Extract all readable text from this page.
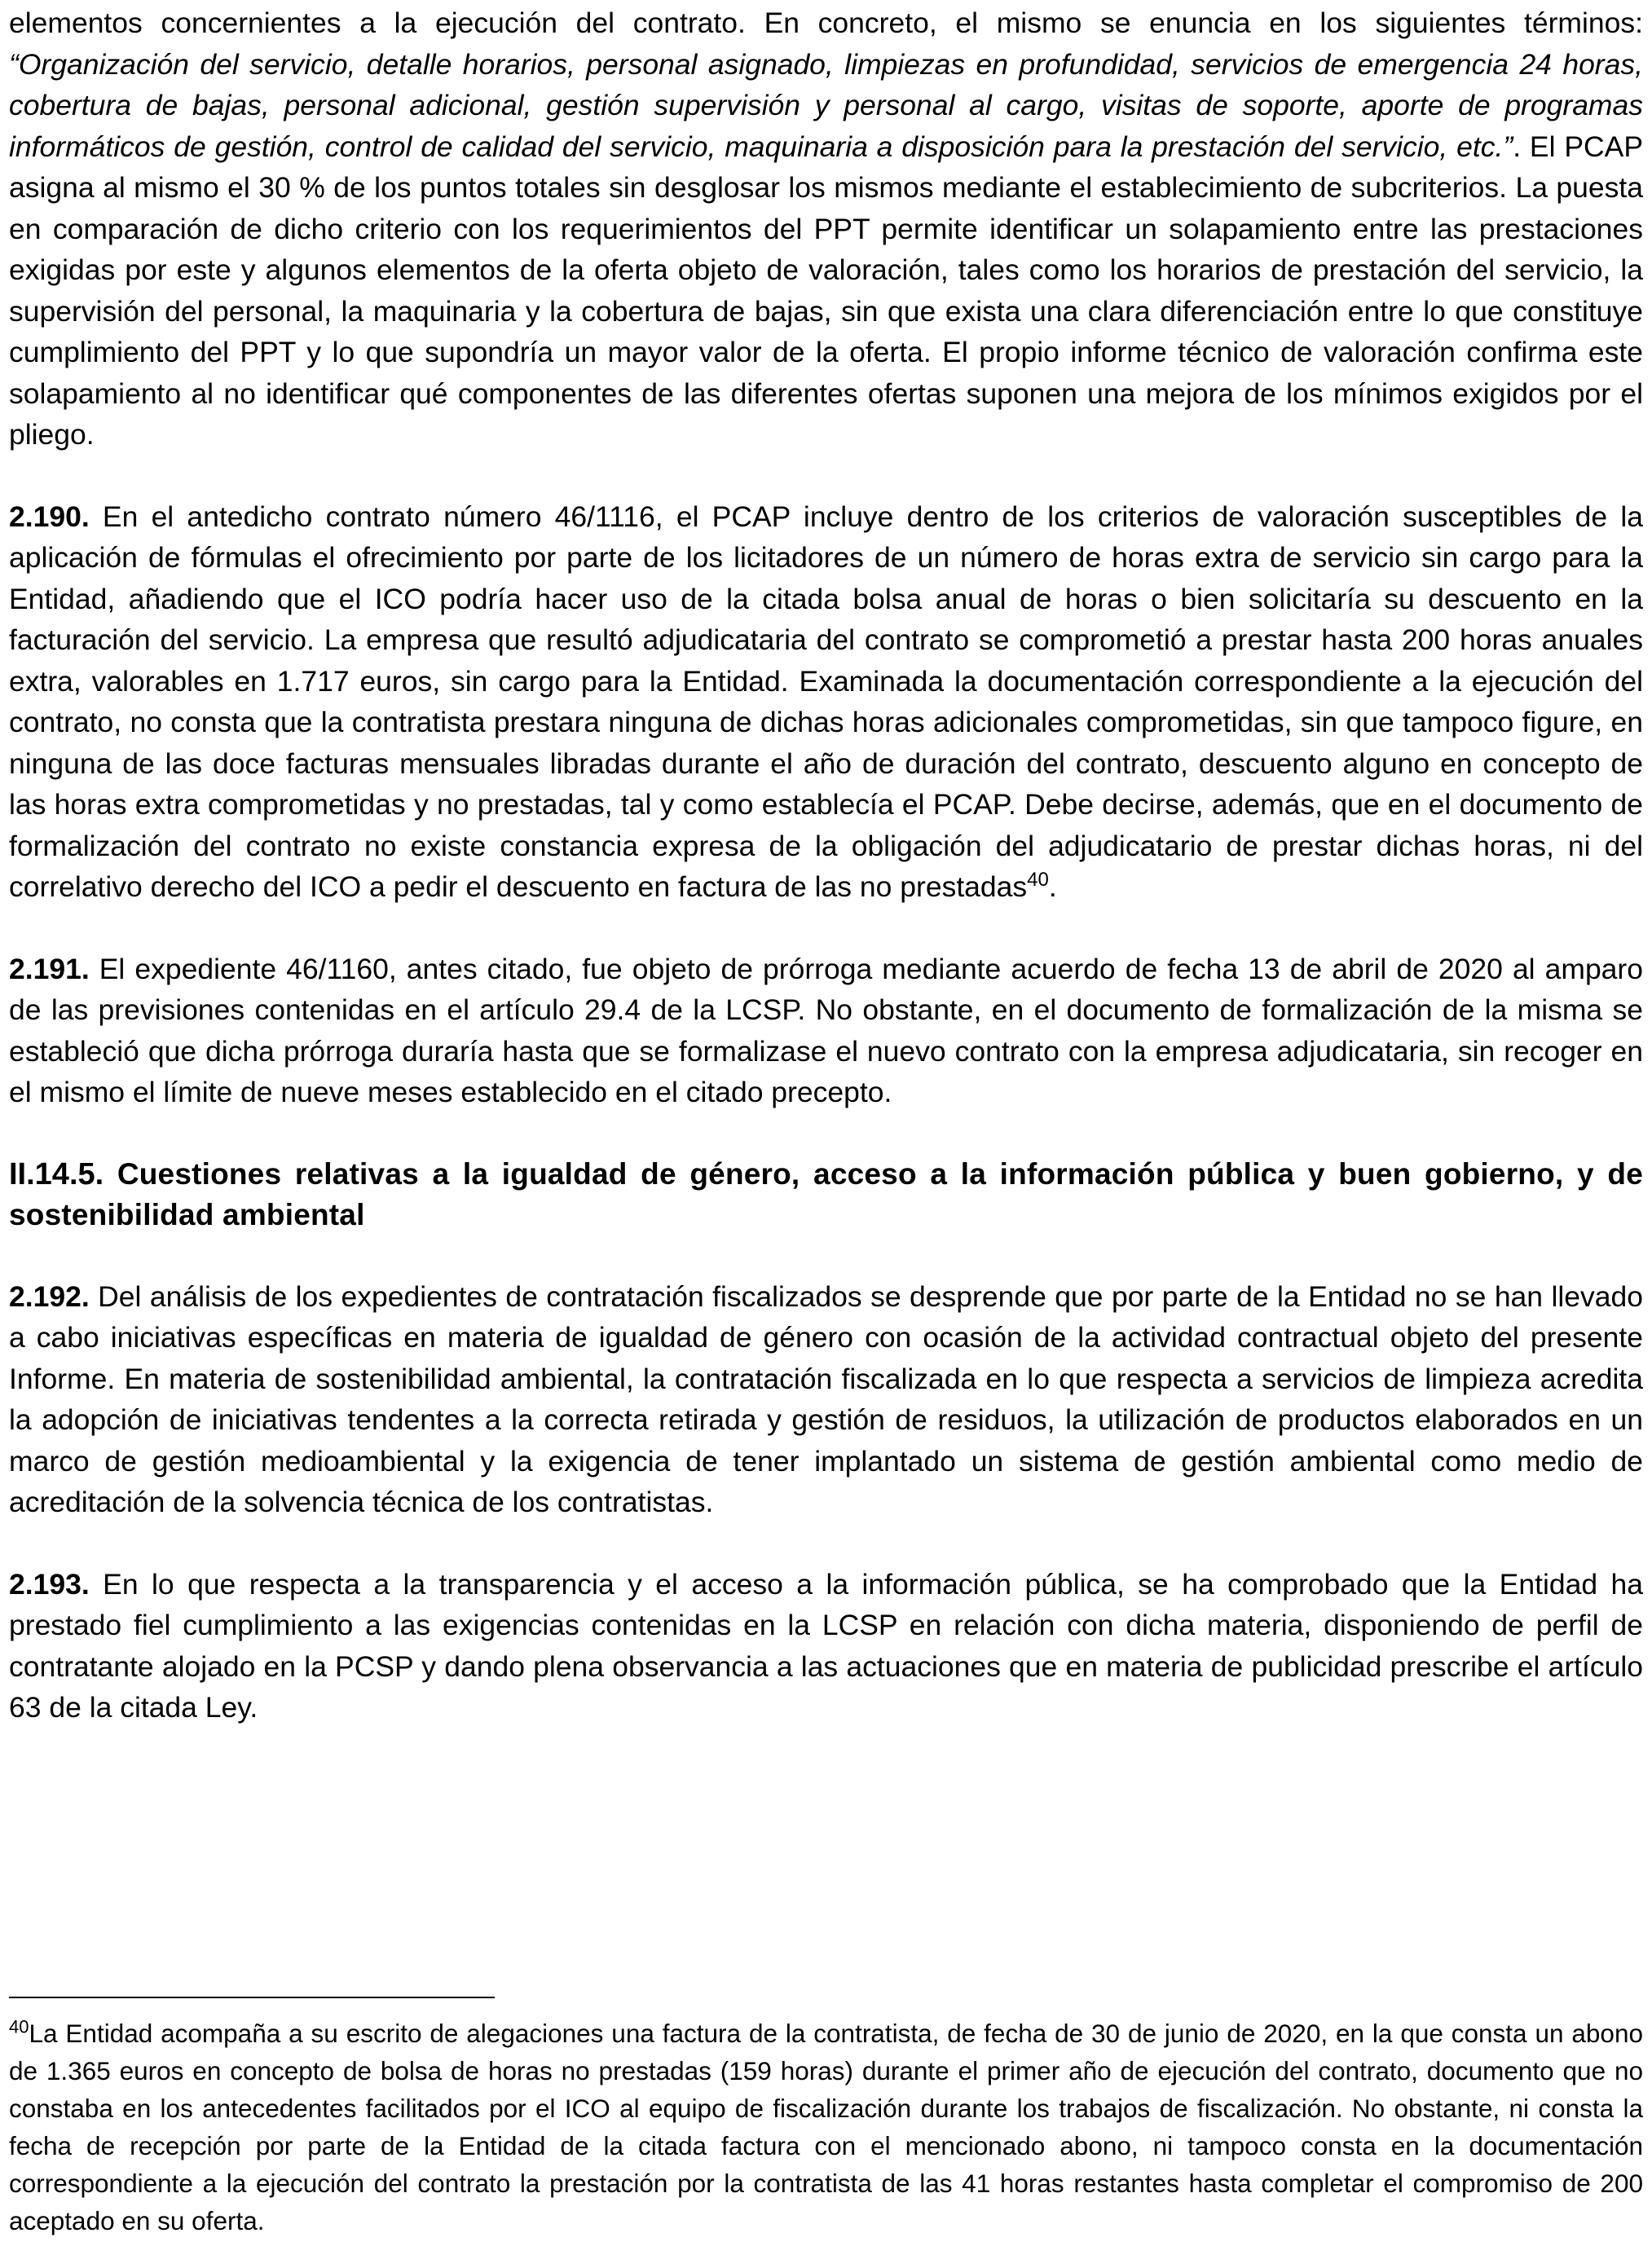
elementos concernientes a la ejecución del contrato. En concreto, el mismo se enuncia en los siguientes términos: “Organización del servicio, detalle horarios, personal asignado, limpiezas en profundidad, servicios de emergencia 24 horas, cobertura de bajas, personal adicional, gestión supervisión y personal al cargo, visitas de soporte, aporte de programas informáticos de gestión, control de calidad del servicio, maquinaria a disposición para la prestación del servicio, etc.”. El PCAP asigna al mismo el 30 % de los puntos totales sin desglosar los mismos mediante el establecimiento de subcriterios. La puesta en comparación de dicho criterio con los requerimientos del PPT permite identificar un solapamiento entre las prestaciones exigidas por este y algunos elementos de la oferta objeto de valoración, tales como los horarios de prestación del servicio, la supervisión del personal, la maquinaria y la cobertura de bajas, sin que exista una clara diferenciación entre lo que constituye cumplimiento del PPT y lo que supondría un mayor valor de la oferta. El propio informe técnico de valoración confirma este solapamiento al no identificar qué componentes de las diferentes ofertas suponen una mejora de los mínimos exigidos por el pliego.

2.190. En el antedicho contrato número 46/1116, el PCAP incluye dentro de los criterios de valoración susceptibles de la aplicación de fórmulas el ofrecimiento por parte de los licitadores de un número de horas extra de servicio sin cargo para la Entidad, añadiendo que el ICO podría hacer uso de la citada bolsa anual de horas o bien solicitaría su descuento en la facturación del servicio. La empresa que resultó adjudicataria del contrato se comprometió a prestar hasta 200 horas anuales extra, valorables en 1.717 euros, sin cargo para la Entidad. Examinada la documentación correspondiente a la ejecución del contrato, no consta que la contratista prestara ninguna de dichas horas adicionales comprometidas, sin que tampoco figure, en ninguna de las doce facturas mensuales libradas durante el año de duración del contrato, descuento alguno en concepto de las horas extra comprometidas y no prestadas, tal y como establecía el PCAP. Debe decirse, además, que en el documento de formalización del contrato no existe constancia expresa de la obligación del adjudicatario de prestar dichas horas, ni del correlativo derecho del ICO a pedir el descuento en factura de las no prestadas$^{40}$.

2.191. El expediente 46/1160, antes citado, fue objeto de prórroga mediante acuerdo de fecha 13 de abril de 2020 al amparo de las previsiones contenidas en el artículo 29.4 de la LCSP. No obstante, en el documento de formalización de la misma se estableció que dicha prórroga duraría hasta que se formalizase el nuevo contrato con la empresa adjudicataria, sin recoger en el mismo el límite de nueve meses establecido en el citado precepto.

II.14.5. Cuestiones relativas a la igualdad de género, acceso a la información pública y buen gobierno, y de sostenibilidad ambiental

2.192. Del análisis de los expedientes de contratación fiscalizados se desprende que por parte de la Entidad no se han llevado a cabo iniciativas específicas en materia de igualdad de género con ocasión de la actividad contractual objeto del presente Informe. En materia de sostenibilidad ambiental, la contratación fiscalizada en lo que respecta a servicios de limpieza acredita la adopción de iniciativas tendentes a la correcta retirada y gestión de residuos, la utilización de productos elaborados en un marco de gestión medioambiental y la exigencia de tener implantado un sistema de gestión ambiental como medio de acreditación de la solvencia técnica de los contratistas.

2.193. En lo que respecta a la transparencia y el acceso a la información pública, se ha comprobado que la Entidad ha prestado fiel cumplimiento a las exigencias contenidas en la LCSP en relación con dicha materia, disponiendo de perfil de contratante alojado en la PCSP y dando plena observancia a las actuaciones que en materia de publicidad prescribe el artículo 63 de la citada Ley.

$^{40}$La Entidad acompaña a su escrito de alegaciones una factura de la contratista, de fecha de 30 de junio de 2020, en la que consta un abono de 1.365 euros en concepto de bolsa de horas no prestadas (159 horas) durante el primer año de ejecución del contrato, documento que no constaba en los antecedentes facilitados por el ICO al equipo de fiscalización durante los trabajos de fiscalización. No obstante, ni consta la fecha de recepción por parte de la Entidad de la citada factura con el mencionado abono, ni tampoco consta en la documentación correspondiente a la ejecución del contrato la prestación por la contratista de las 41 horas restantes hasta completar el compromiso de 200 aceptado en su oferta.
